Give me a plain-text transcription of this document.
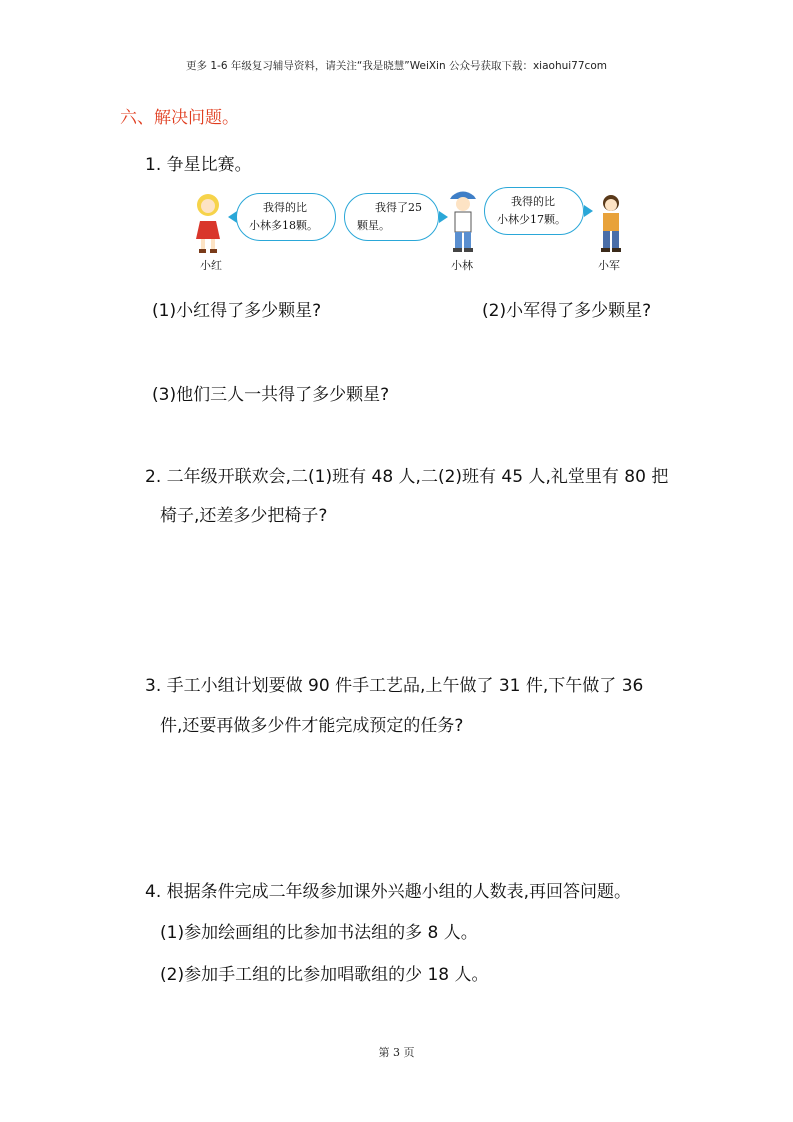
更多 1-6 年级复习辅导资料，请关注“我是晓慧”WeiXin 公众号获取下载：xiaohui77com
六、解决问题。
1. 争星比赛。
小红
我得的比
小林多18颗。
我得了25
颗星。
小林
我得的比
小林少17颗。
小军
(1)小红得了多少颗星?	(2)小军得了多少颗星?
(3)他们三人一共得了多少颗星?
2. 二年级开联欢会,二(1)班有 48 人,二(2)班有 45 人,礼堂里有 80 把
椅子,还差多少把椅子?
3. 手工小组计划要做 90 件手工艺品,上午做了 31 件,下午做了 36
件,还要再做多少件才能完成预定的任务?
4. 根据条件完成二年级参加课外兴趣小组的人数表,再回答问题。
(1)参加绘画组的比参加书法组的多 8 人。
(2)参加手工组的比参加唱歌组的少 18 人。
第 3 页
